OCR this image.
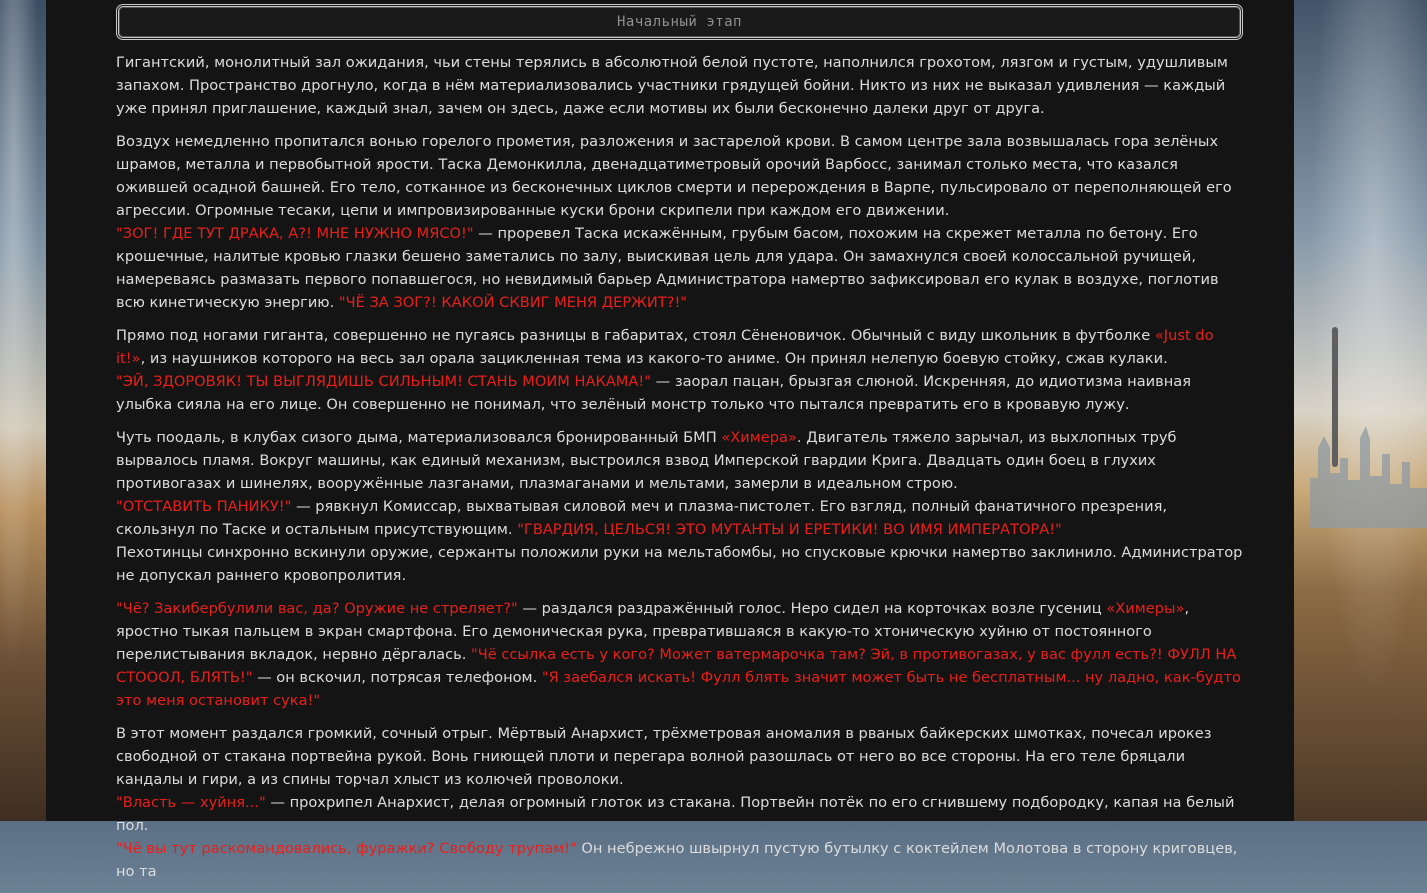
Начальный этап

Гигантский, монолитный зал ожидания, чьи стены терялись в абсолютной белой пустоте, наполнился грохотом, лязгом и густым, удушливым запахом. Пространство дрогнуло, когда в нём материализовались участники грядущей бойни. Никто из них не выказал удивления — каждый уже принял приглашение, каждый знал, зачем он здесь, даже если мотивы их были бесконечно далеки друг от друга.

Воздух немедленно пропитался вонью горелого прометия, разложения и застарелой крови. В самом центре зала возвышалась гора зелёных шрамов, металла и первобытной ярости. Таска Демонкилла, двенадцатиметровый орочий Варбосс, занимал столько места, что казался ожившей осадной башней. Его тело, сотканное из бесконечных циклов смерти и перерождения в Варпе, пульсировало от переполняющей его агрессии. Огромные тесаки, цепи и импровизированные куски брони скрипели при каждом его движении.
"ЗОГ! ГДЕ ТУТ ДРАКА, А?! МНЕ НУЖНО МЯСО!" — проревел Таска искажённым, грубым басом, похожим на скрежет металла по бетону. Его крошечные, налитые кровью глазки бешено заметались по залу, выискивая цель для удара. Он замахнулся своей колоссальной ручищей, намереваясь размазать первого попавшегося, но невидимый барьер Администратора намертво зафиксировал его кулак в воздухе, поглотив всю кинетическую энергию. "ЧЁ ЗА ЗОГ?! КАКОЙ СКВИГ МЕНЯ ДЕРЖИТ?!"

Прямо под ногами гиганта, совершенно не пугаясь разницы в габаритах, стоял Сёненовичок. Обычный с виду школьник в футболке «Just do it!», из наушников которого на весь зал орала зацикленная тема из какого-то аниме. Он принял нелепую боевую стойку, сжав кулаки.
"ЭЙ, ЗДОРОВЯК! ТЫ ВЫГЛЯДИШЬ СИЛЬНЫМ! СТАНЬ МОИМ НАКАМА!" — заорал пацан, брызгая слюной. Искренняя, до идиотизма наивная улыбка сияла на его лице. Он совершенно не понимал, что зелёный монстр только что пытался превратить его в кровавую лужу.

Чуть поодаль, в клубах сизого дыма, материализовался бронированный БМП «Химера». Двигатель тяжело зарычал, из выхлопных труб вырвалось пламя. Вокруг машины, как единый механизм, выстроился взвод Имперской гвардии Крига. Двадцать один боец в глухих противогазах и шинелях, вооружённые лазганами, плазмаганами и мельтами, замерли в идеальном строю.
"ОТСТАВИТЬ ПАНИКУ!" — рявкнул Комиссар, выхватывая силовой меч и плазма-пистолет. Его взгляд, полный фанатичного презрения, скользнул по Таске и остальным присутствующим. "ГВАРДИЯ, ЦЕЛЬСЯ! ЭТО МУТАНТЫ И ЕРЕТИКИ! ВО ИМЯ ИМПЕРАТОРА!"
Пехотинцы синхронно вскинули оружие, сержанты положили руки на мельтабомбы, но спусковые крючки намертво заклинило. Администратор не допускал раннего кровопролития.

"Чё? Закибербулили вас, да? Оружие не стреляет?" — раздался раздражённый голос. Неро сидел на корточках возле гусениц «Химеры», яростно тыкая пальцем в экран смартфона. Его демоническая рука, превратившаяся в какую-то хтоническую хуйню от постоянного перелистывания вкладок, нервно дёргалась. "Чё ссылка есть у кого? Может ватермарочка там? Эй, в противогазах, у вас фулл есть?! ФУЛЛ НА СТОООЛ, БЛЯТЬ!" — он вскочил, потрясая телефоном. "Я заебался искать! Фулл блять значит может быть не бесплатным... ну ладно, как-будто это меня остановит сука!"

В этот момент раздался громкий, сочный отрыг. Мёртвый Анархист, трёхметровая аномалия в рваных байкерских шмотках, почесал ирокез свободной от стакана портвейна рукой. Вонь гниющей плоти и перегара волной разошлась от него во все стороны. На его теле бряцали кандалы и гири, а из спины торчал хлыст из колючей проволоки.
"Власть — хуйня..." — прохрипел Анархист, делая огромный глоток из стакана. Портвейн потёк по его сгнившему подбородку, капая на белый пол.
"Чё вы тут раскомандовались, фуражки? Свободу трупам!" Он небрежно швырнул пустую бутылку с коктейлем Молотова в сторону криговцев, но та
